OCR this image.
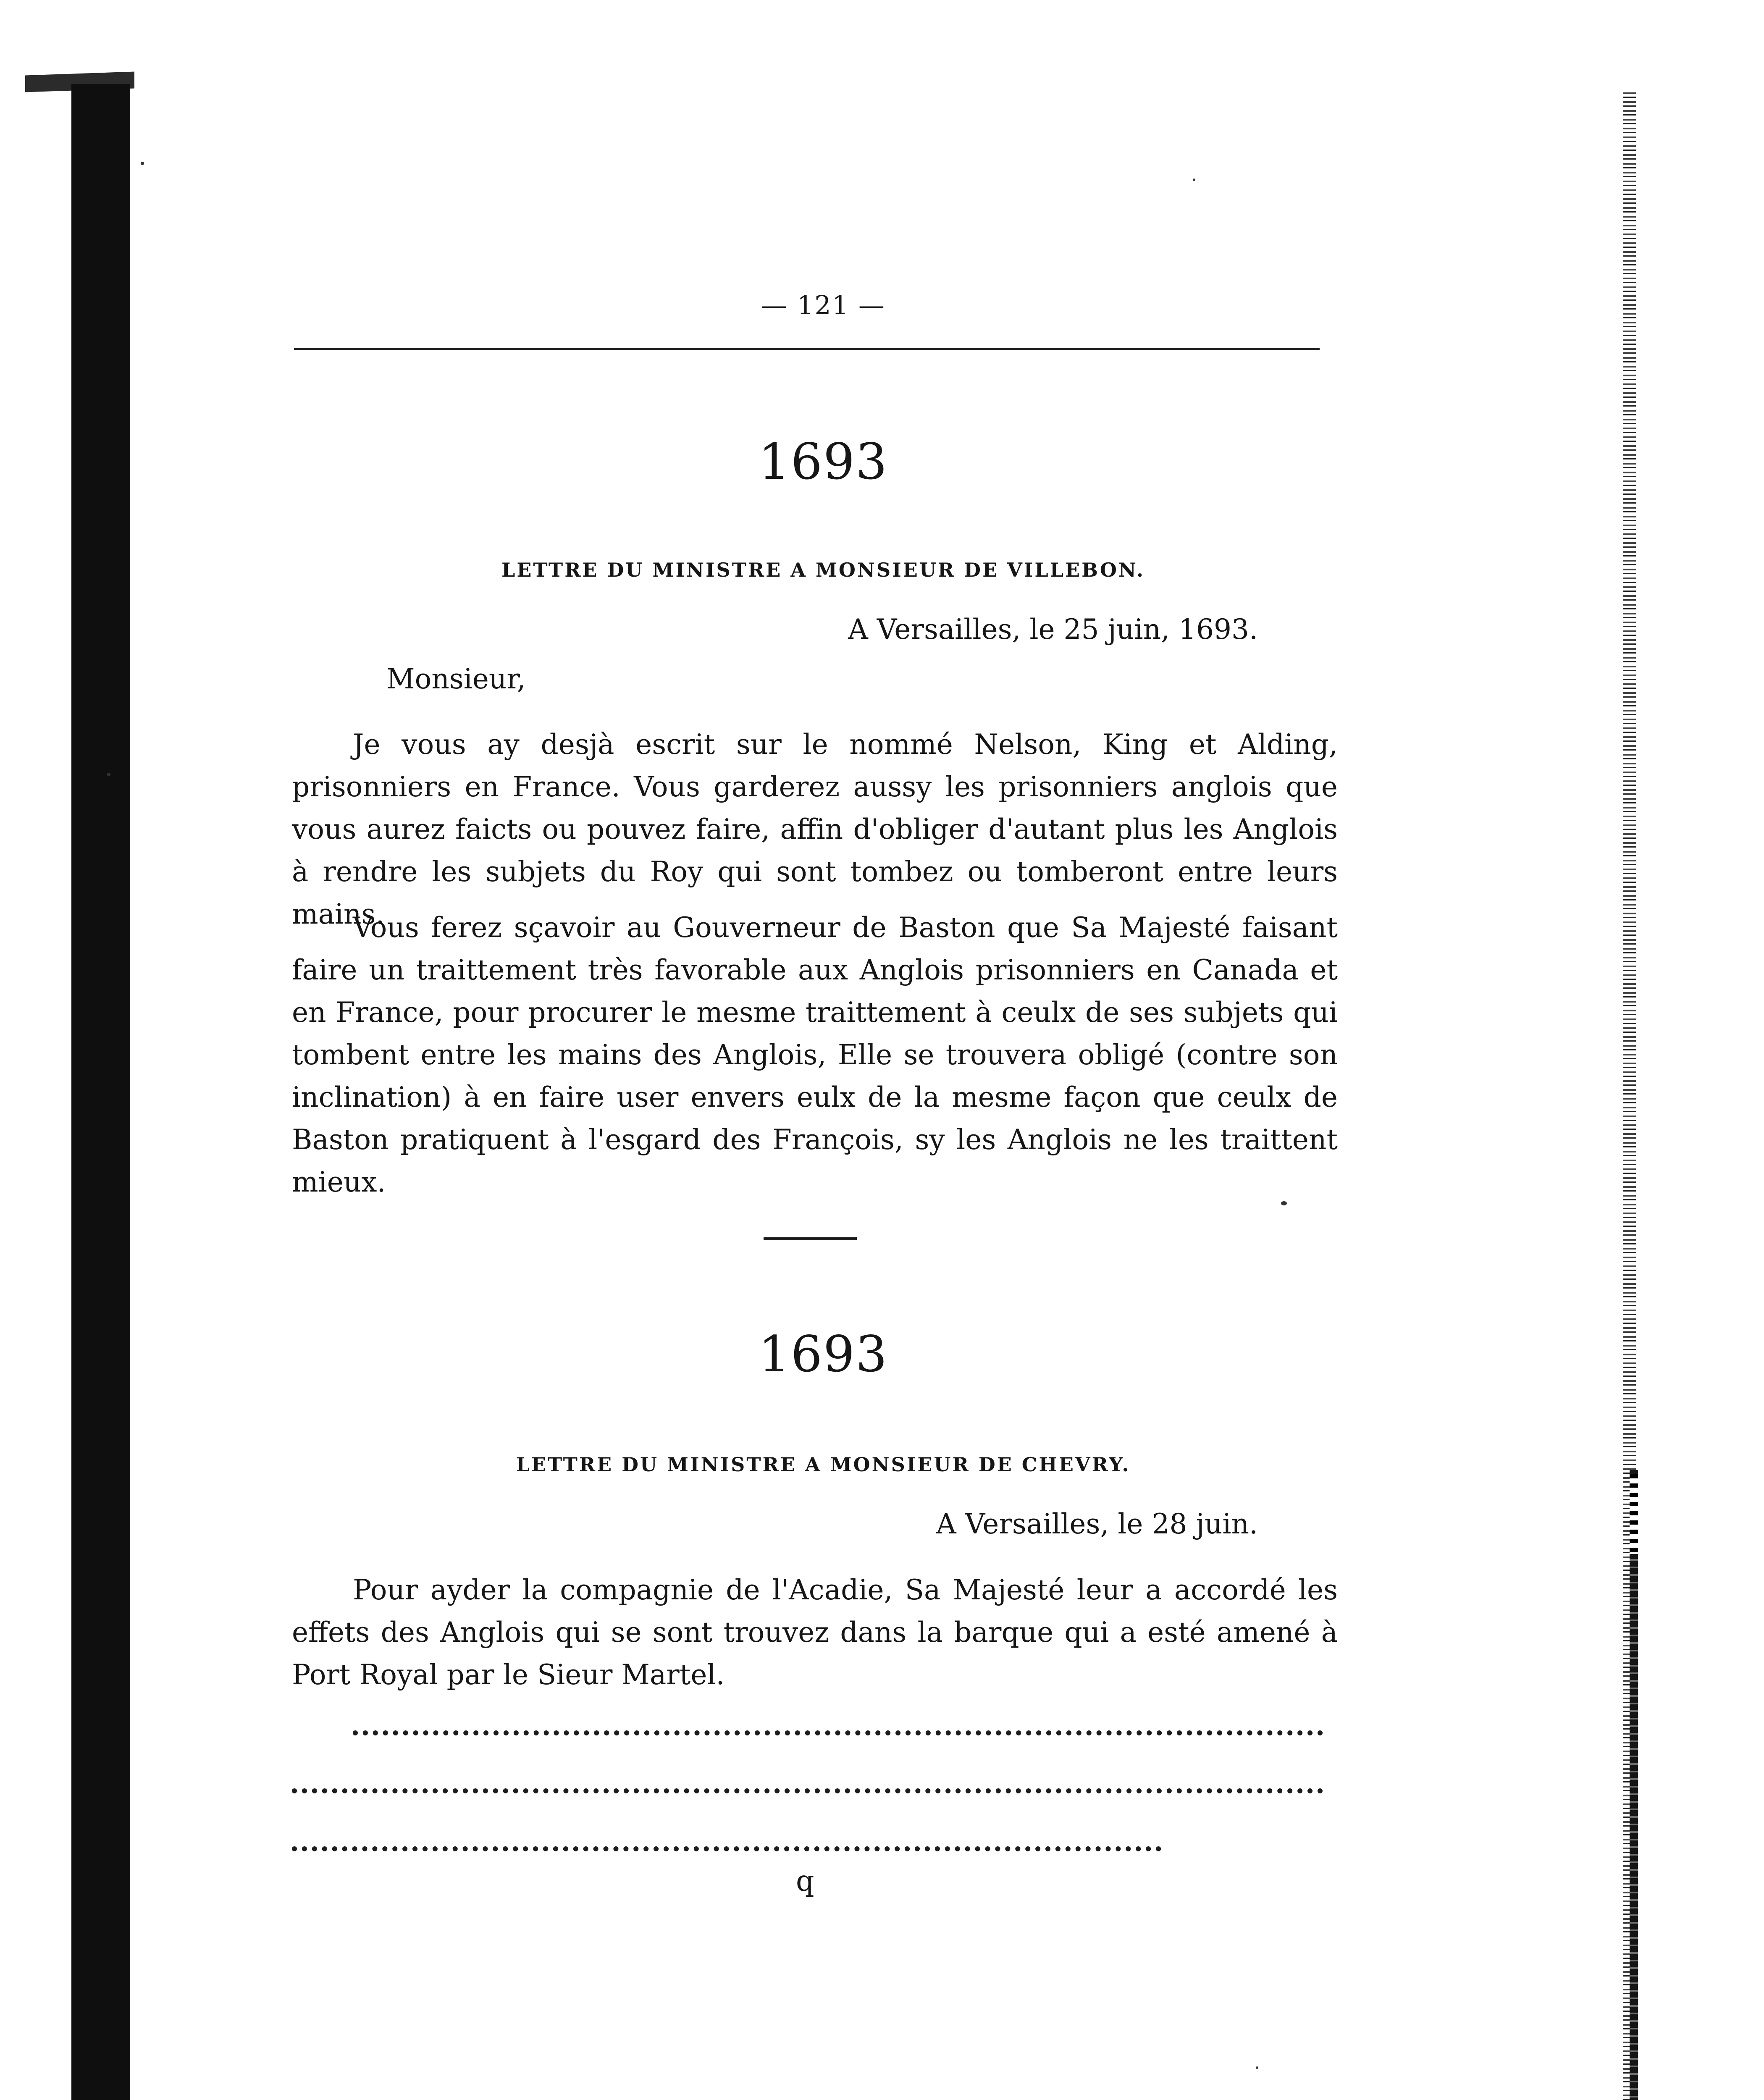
— 121 —
1693
LETTRE DU MINISTRE A MONSIEUR DE VILLEBON.
A Versailles, le 25 juin, 1693.
Monsieur,

Je vous ay desjà escrit sur le nommé Nelson, King et Alding, prisonniers en France. Vous garderez aussy les prisonniers anglois que vous aurez faicts ou pouvez faire, affin d'obliger d'autant plus les Anglois à rendre les subjets du Roy qui sont tombez ou tomberont entre leurs mains.

Vous ferez sçavoir au Gouverneur de Baston que Sa Majesté faisant faire un traittement très favorable aux Anglois prisonniers en Canada et en France, pour procurer le mesme traittement à ceulx de ses subjets qui tombent entre les mains des Anglois, Elle se trouvera obligé (contre son inclination) à en faire user envers eulx de la mesme façon que ceulx de Baston pratiquent à l'esgard des François, sy les Anglois ne les traittent mieux.

1693
LETTRE DU MINISTRE A MONSIEUR DE CHEVRY.
A Versailles, le 28 juin.

Pour ayder la compagnie de l'Acadie, Sa Majesté leur a accordé les effets des Anglois qui se sont trouvez dans la barque qui a esté amené à Port Royal par le Sieur Martel.

q
